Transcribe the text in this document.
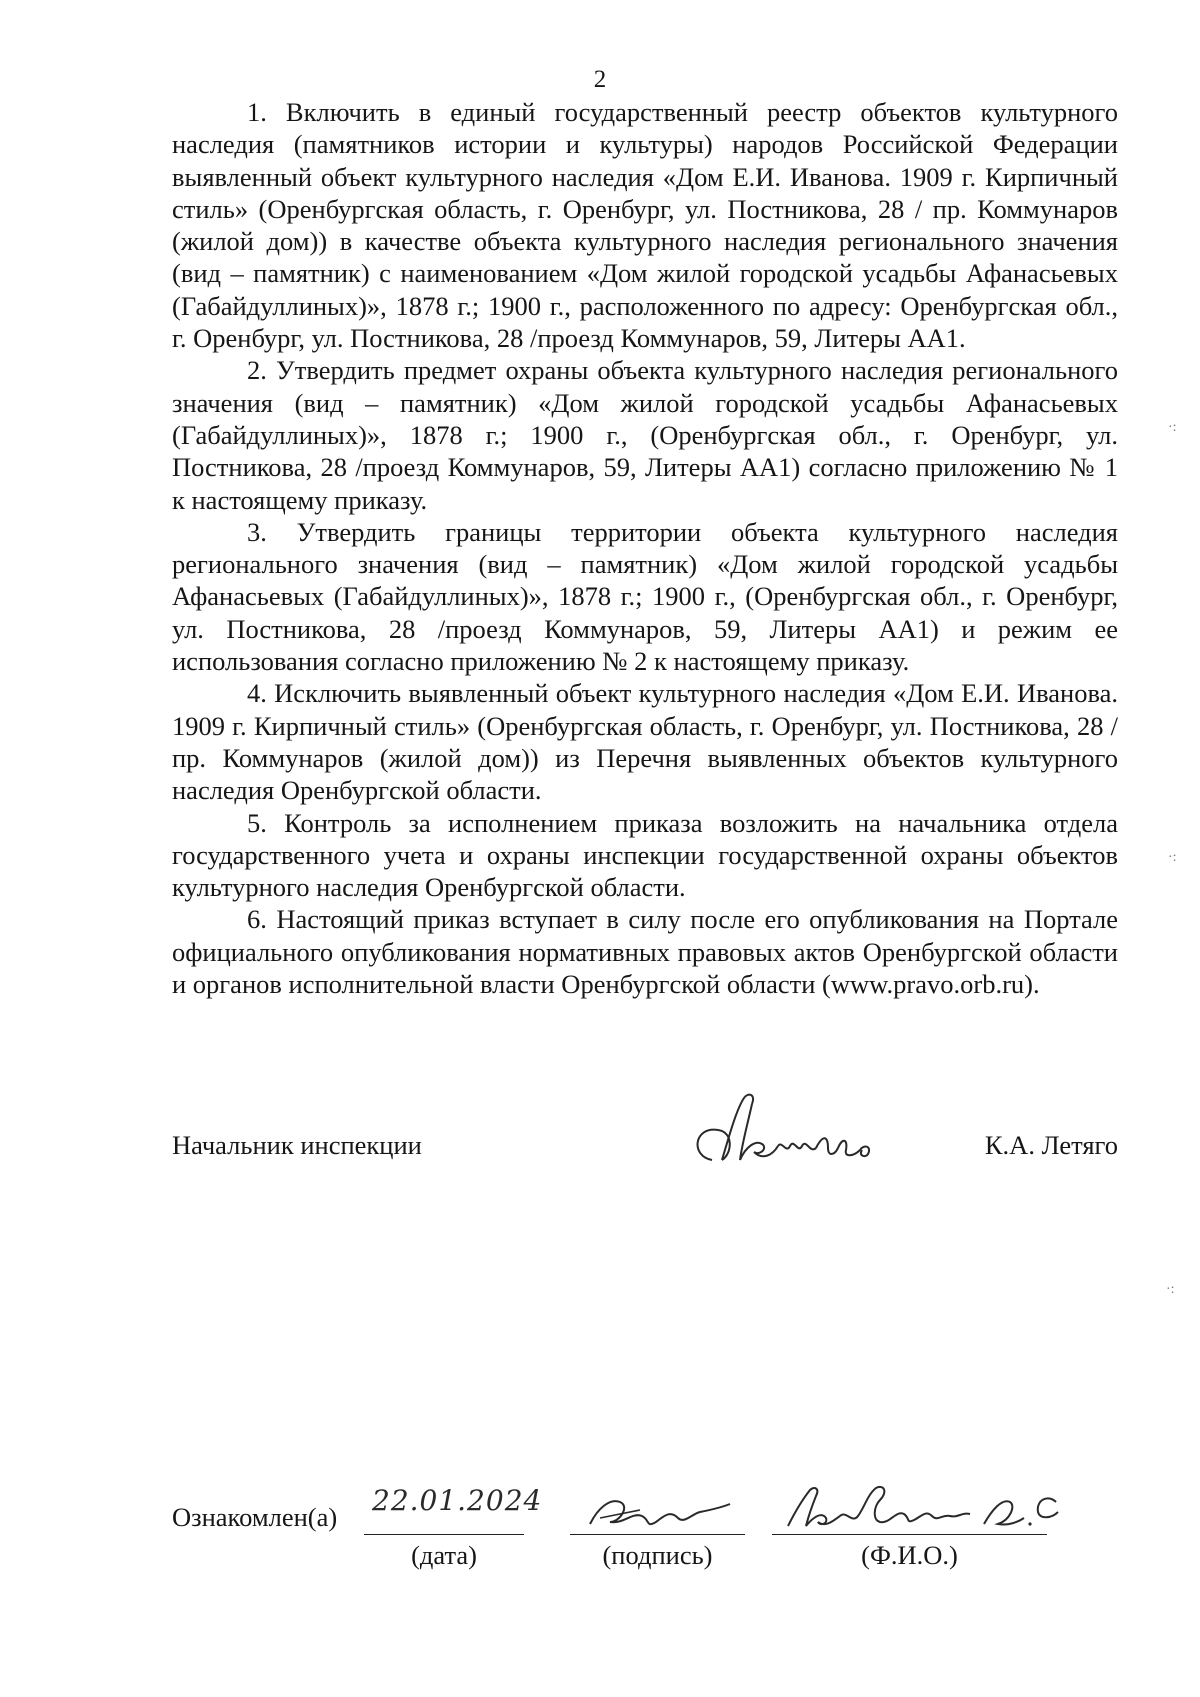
2

1. Включить в единый государственный реестр объектов культурного наследия (памятников истории и культуры) народов Российской Федерации выявленный объект культурного наследия «Дом Е.И. Иванова. 1909 г. Кирпичный стиль» (Оренбургская область, г. Оренбург, ул. Постникова, 28 / пр. Коммунаров (жилой дом)) в качестве объекта культурного наследия регионального значения (вид – памятник) с наименованием «Дом жилой городской усадьбы Афанасьевых (Габайдуллиных)», 1878 г.; 1900 г., расположенного по адресу: Оренбургская обл., г. Оренбург, ул. Постникова, 28 /проезд Коммунаров, 59, Литеры АА1.

2. Утвердить предмет охраны объекта культурного наследия регионального значения (вид – памятник) «Дом жилой городской усадьбы Афанасьевых (Габайдуллиных)», 1878 г.; 1900 г., (Оренбургская обл., г. Оренбург, ул. Постникова, 28 /проезд Коммунаров, 59, Литеры АА1) согласно приложению № 1 к настоящему приказу.

3. Утвердить границы территории объекта культурного наследия регионального значения (вид – памятник) «Дом жилой городской усадьбы Афанасьевых (Габайдуллиных)», 1878 г.; 1900 г., (Оренбургская обл., г. Оренбург, ул. Постникова, 28 /проезд Коммунаров, 59, Литеры АА1) и режим ее использования согласно приложению № 2 к настоящему приказу.

4. Исключить выявленный объект культурного наследия «Дом Е.И. Иванова. 1909 г. Кирпичный стиль» (Оренбургская область, г. Оренбург, ул. Постникова, 28 / пр. Коммунаров (жилой дом)) из Перечня выявленных объектов культурного наследия Оренбургской области.

5. Контроль за исполнением приказа возложить на начальника отдела государственного учета и охраны инспекции государственной охраны объектов культурного наследия Оренбургской области.

6. Настоящий приказ вступает в силу после его опубликования на Портале официального опубликования нормативных правовых актов Оренбургской области и органов исполнительной власти Оренбургской области (www.pravo.orb.ru).

Начальник инспекции	К.А. Летяго
Ознакомлен(а) 22.01.2024
(дата)	(подпись)	(Ф.И.О.)
·:
·:
·:
